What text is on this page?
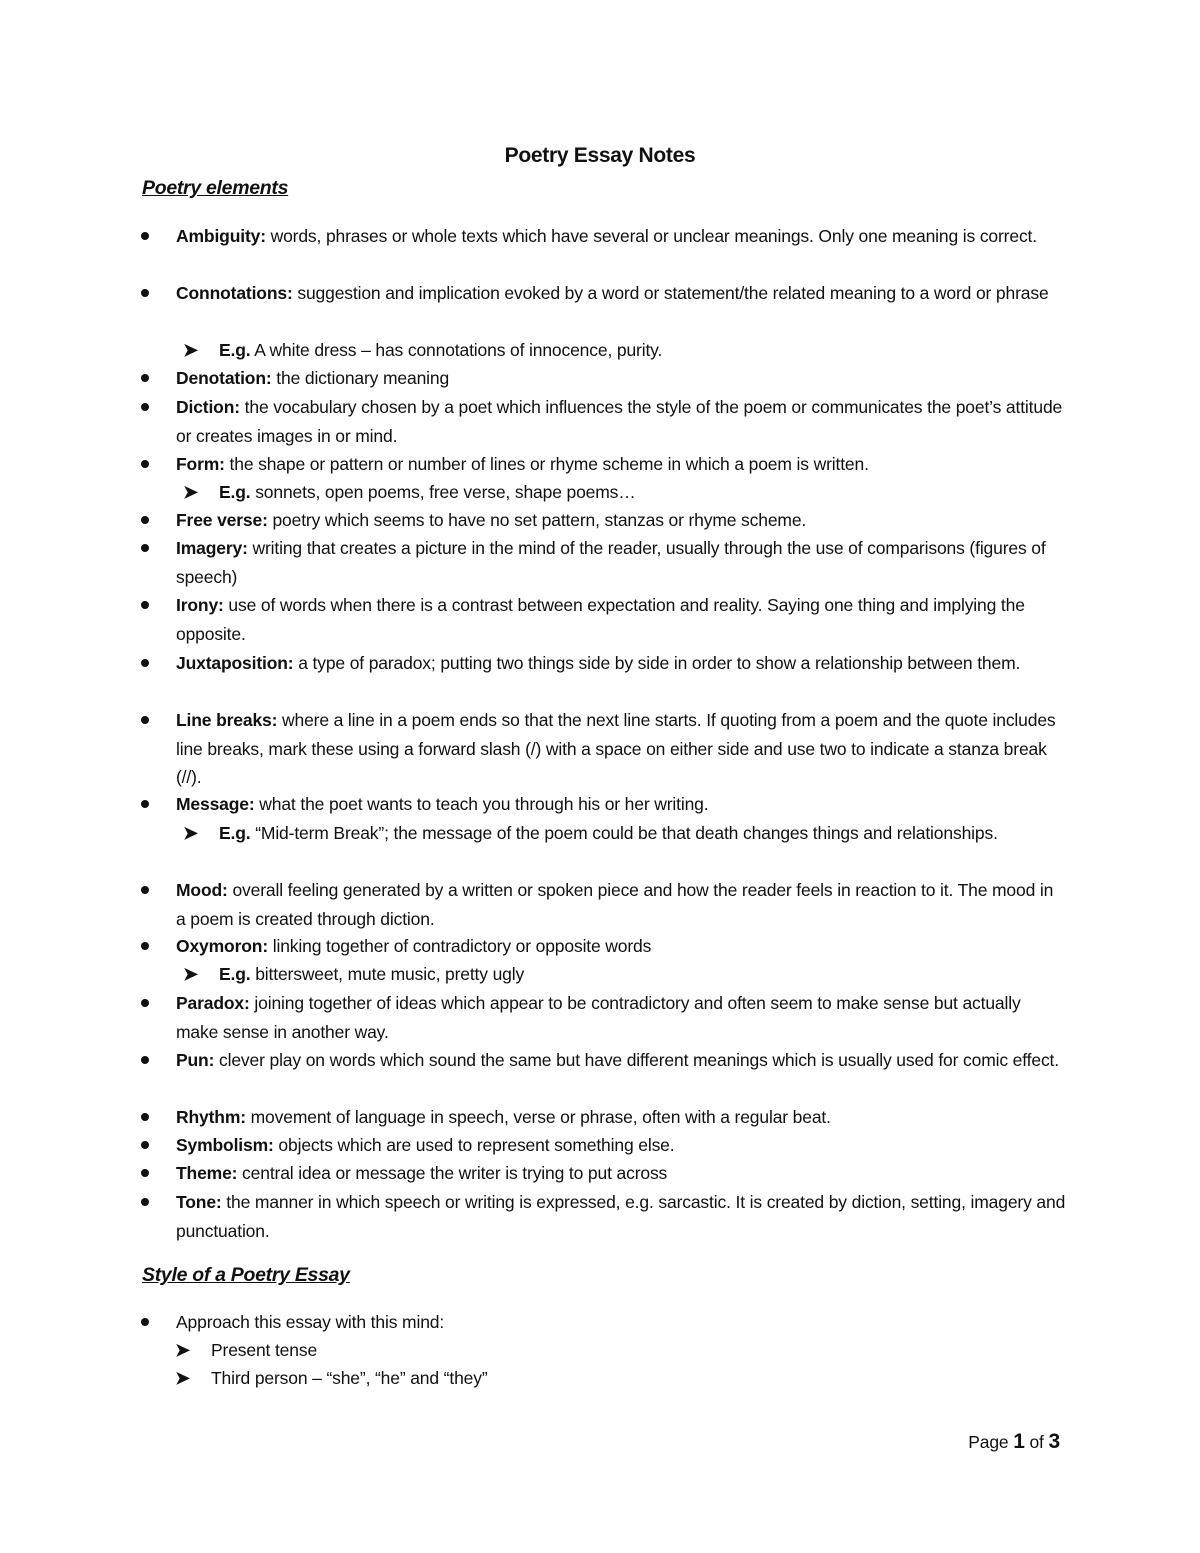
Poetry Essay Notes
Poetry elements
Ambiguity: words, phrases or whole texts which have several or unclear meanings. Only one meaning is correct.
Connotations: suggestion and implication evoked by a word or statement/the related meaning to a word or phrase
➤ E.g. A white dress – has connotations of innocence, purity.
Denotation: the dictionary meaning
Diction: the vocabulary chosen by a poet which influences the style of the poem or communicates the poet’s attitude or creates images in or mind.
Form: the shape or pattern or number of lines or rhyme scheme in which a poem is written.
➤ E.g. sonnets, open poems, free verse, shape poems…
Free verse: poetry which seems to have no set pattern, stanzas or rhyme scheme.
Imagery: writing that creates a picture in the mind of the reader, usually through the use of comparisons (figures of speech)
Irony: use of words when there is a contrast between expectation and reality. Saying one thing and implying the opposite.
Juxtaposition: a type of paradox; putting two things side by side in order to show a relationship between them.
Line breaks: where a line in a poem ends so that the next line starts. If quoting from a poem and the quote includes line breaks, mark these using a forward slash (/) with a space on either side and use two to indicate a stanza break (//).
Message: what the poet wants to teach you through his or her writing.
➤ E.g. “Mid-term Break”; the message of the poem could be that death changes things and relationships.
Mood: overall feeling generated by a written or spoken piece and how the reader feels in reaction to it. The mood in a poem is created through diction.
Oxymoron: linking together of contradictory or opposite words
➤ E.g. bittersweet, mute music, pretty ugly
Paradox: joining together of ideas which appear to be contradictory and often seem to make sense but actually make sense in another way.
Pun: clever play on words which sound the same but have different meanings which is usually used for comic effect.
Rhythm: movement of language in speech, verse or phrase, often with a regular beat.
Symbolism: objects which are used to represent something else.
Theme: central idea or message the writer is trying to put across
Tone: the manner in which speech or writing is expressed, e.g. sarcastic. It is created by diction, setting, imagery and punctuation.
Style of a Poetry Essay
Approach this essay with this mind:
➤ Present tense
➤ Third person – “she”, “he” and “they”
Page 1 of 3
